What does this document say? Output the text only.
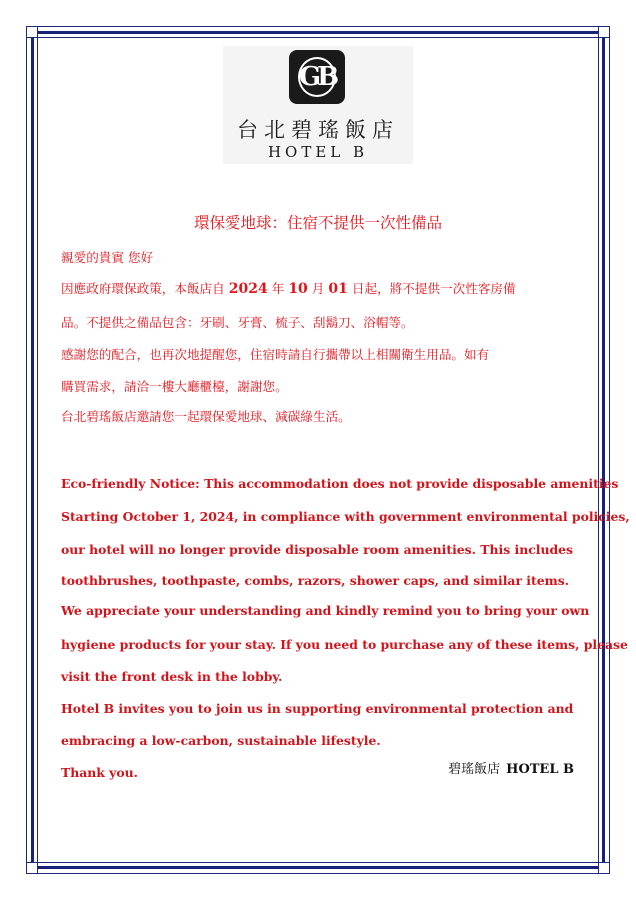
GB
台北碧瑤飯店
HOTEL B
環保愛地球：住宿不提供一次性備品
親愛的貴賓 您好
因應政府環保政策，本飯店自 2024 年 10 月 01 日起，將不提供一次性客房備
品。不提供之備品包含：牙刷、牙膏、梳子、刮鬍刀、浴帽等。
感謝您的配合，也再次地提醒您，住宿時請自行攜帶以上相關衛生用品。如有
購買需求，請洽一樓大廳櫃檯，謝謝您。
台北碧瑤飯店邀請您一起環保愛地球、減碳綠生活。
Eco-friendly Notice: This accommodation does not provide disposable amenities
Starting October 1, 2024, in compliance with government environmental policies,
our hotel will no longer provide disposable room amenities. This includes
toothbrushes, toothpaste, combs, razors, shower caps, and similar items.
We appreciate your understanding and kindly remind you to bring your own
hygiene products for your stay. If you need to purchase any of these items, please
visit the front desk in the lobby.
Hotel B invites you to join us in supporting environmental protection and
embracing a low-carbon, sustainable lifestyle.
Thank you.	碧瑤飯店 HOTEL B
